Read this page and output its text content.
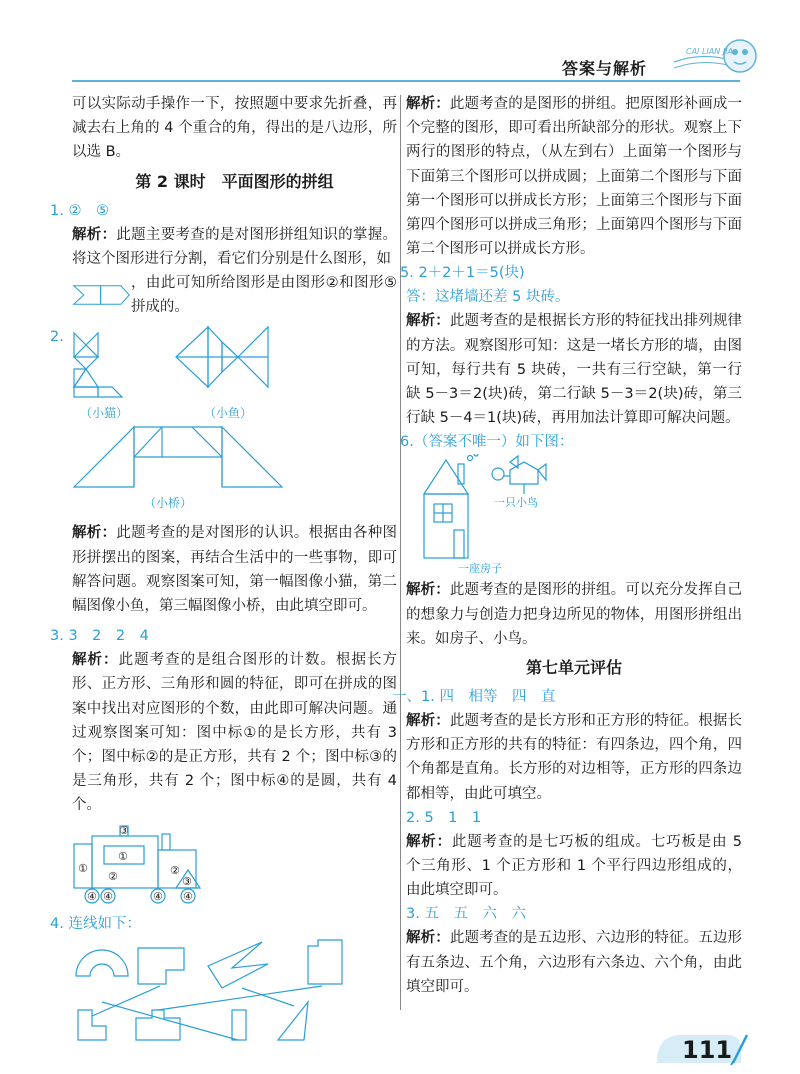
答案与解析
CAI LIAN JIA
可以实际动手操作一下，按照题中要求先折叠，再减去右上角的 4 个重合的角，得出的是八边形，所以选 B。
第 2 课时　平面图形的拼组
1. ②　⑤
解析：此题主要考查的是对图形拼组知识的掌握。将这个图形进行分割，看它们分别是什么图形，如
，由此可知所给图形是由图形②和图形⑤拼成的。
2.
（小猫）	（小鱼）
（小桥）
解析：此题考查的是对图形的认识。根据由各种图形拼摆出的图案，再结合生活中的一些事物，即可解答问题。观察图案可知，第一幅图像小猫，第二幅图像小鱼，第三幅图像小桥，由此填空即可。
3. 3　2　2　4
解析：此题考查的是组合图形的计数。根据长方形、正方形、三角形和圆的特征，即可在拼成的图案中找出对应图形的个数，由此即可解决问题。通过观察图案可知：图中标①的是长方形，共有 3 个；图中标②的是正方形，共有 2 个；图中标③的是三角形，共有 2 个；图中标④的是圆，共有 4 个。
①
①
②	②
③
③
④ ④	④ ④
4. 连线如下：
解析：此题考查的是图形的拼组。把原图形补画成一个完整的图形，即可看出所缺部分的形状。观察上下两行的图形的特点，（从左到右）上面第一个图形与下面第三个图形可以拼成圆；上面第二个图形与下面第一个图形可以拼成长方形；上面第三个图形与下面第四个图形可以拼成三角形；上面第四个图形与下面第二个图形可以拼成长方形。
5. 2＋2＋1＝5(块)
答：这堵墙还差 5 块砖。
解析：此题考查的是根据长方形的特征找出排列规律的方法。观察图形可知：这是一堵长方形的墙，由图可知，每行共有 5 块砖，一共有三行空缺，第一行缺 5－3＝2(块)砖，第二行缺 5－3＝2(块)砖，第三行缺 5－4＝1(块)砖，再用加法计算即可解决问题。
6.（答案不唯一）如下图：
一只小鸟
一座房子
解析：此题考查的是图形的拼组。可以充分发挥自己的想象力与创造力把身边所见的物体，用图形拼组出来。如房子、小鸟。
第七单元评估
一、1. 四　相等　四　直
解析：此题考查的是长方形和正方形的特征。根据长方形和正方形的共有的特征：有四条边，四个角，四个角都是直角。长方形的对边相等，正方形的四条边都相等，由此可填空。
2. 5　1　1
解析：此题考查的是七巧板的组成。七巧板是由 5 个三角形、1 个正方形和 1 个平行四边形组成的，由此填空即可。
3. 五　五　六　六
解析：此题考查的是五边形、六边形的特征。五边形有五条边、五个角，六边形有六条边、六个角，由此填空即可。
111
